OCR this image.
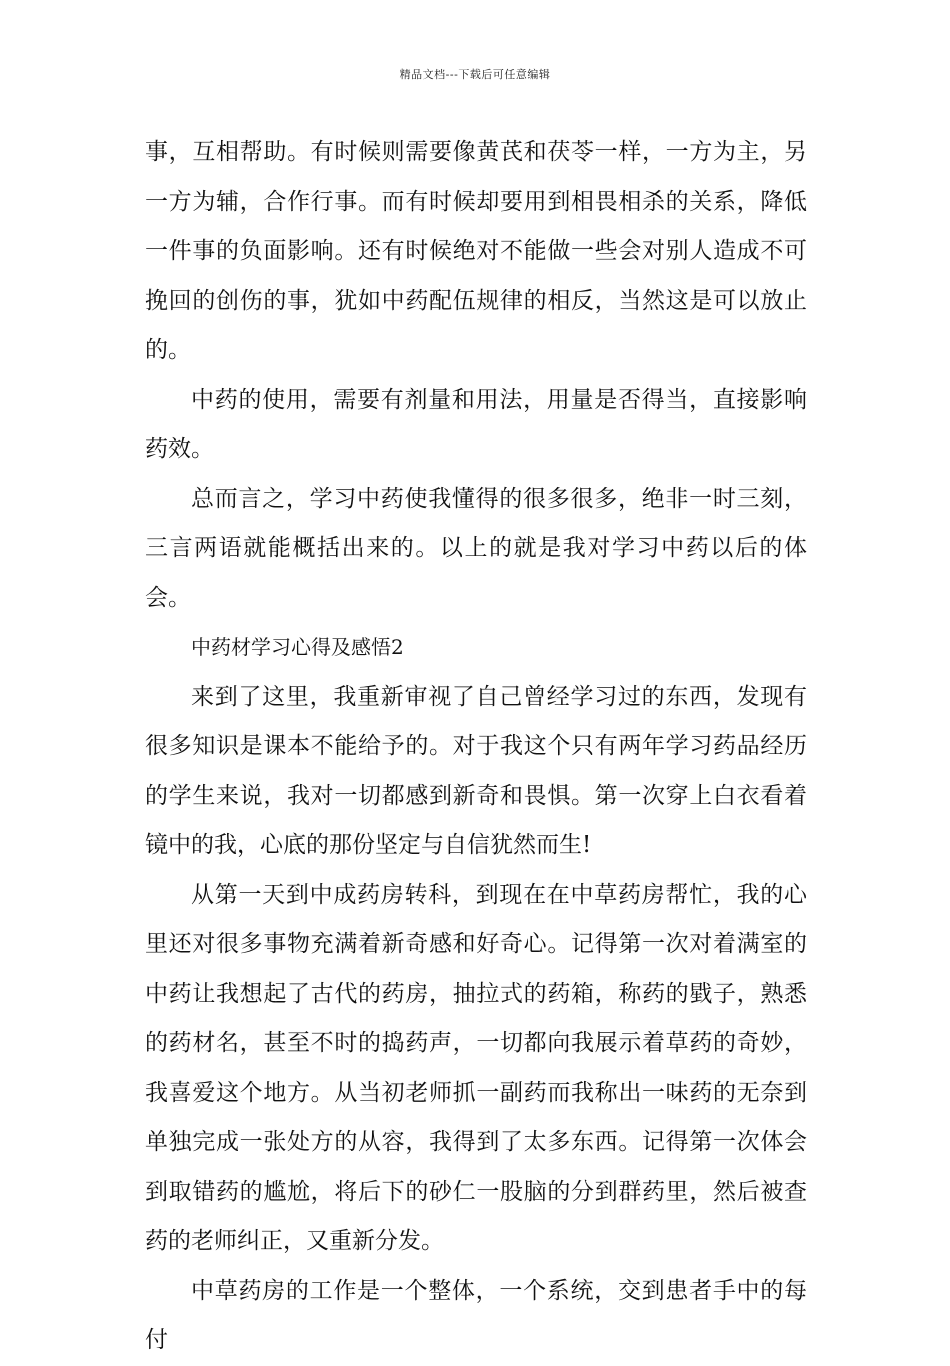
精品文档---下载后可任意编辑

事，互相帮助。有时候则需要像黄芪和茯苓一样，一方为主，另一方为辅，合作行事。而有时候却要用到相畏相杀的关系，降低一件事的负面影响。还有时候绝对不能做一些会对别人造成不可挽回的创伤的事，犹如中药配伍规律的相反，当然这是可以放止的。

中药的使用，需要有剂量和用法，用量是否得当，直接影响药效。

总而言之，学习中药使我懂得的很多很多，绝非一时三刻，三言两语就能概括出来的。以上的就是我对学习中药以后的体会。

中药材学习心得及感悟2

来到了这里，我重新审视了自己曾经学习过的东西，发现有很多知识是课本不能给予的。对于我这个只有两年学习药品经历的学生来说，我对一切都感到新奇和畏惧。第一次穿上白衣看着镜中的我，心底的那份坚定与自信犹然而生!

从第一天到中成药房转科，到现在在中草药房帮忙，我的心里还对很多事物充满着新奇感和好奇心。记得第一次对着满室的中药让我想起了古代的药房，抽拉式的药箱，称药的戥子，熟悉的药材名，甚至不时的捣药声，一切都向我展示着草药的奇妙，我喜爱这个地方。从当初老师抓一副药而我称出一味药的无奈到单独完成一张处方的从容，我得到了太多东西。记得第一次体会到取错药的尴尬，将后下的砂仁一股脑的分到群药里，然后被查药的老师纠正，又重新分发。

中草药房的工作是一个整体，一个系统，交到患者手中的每付
